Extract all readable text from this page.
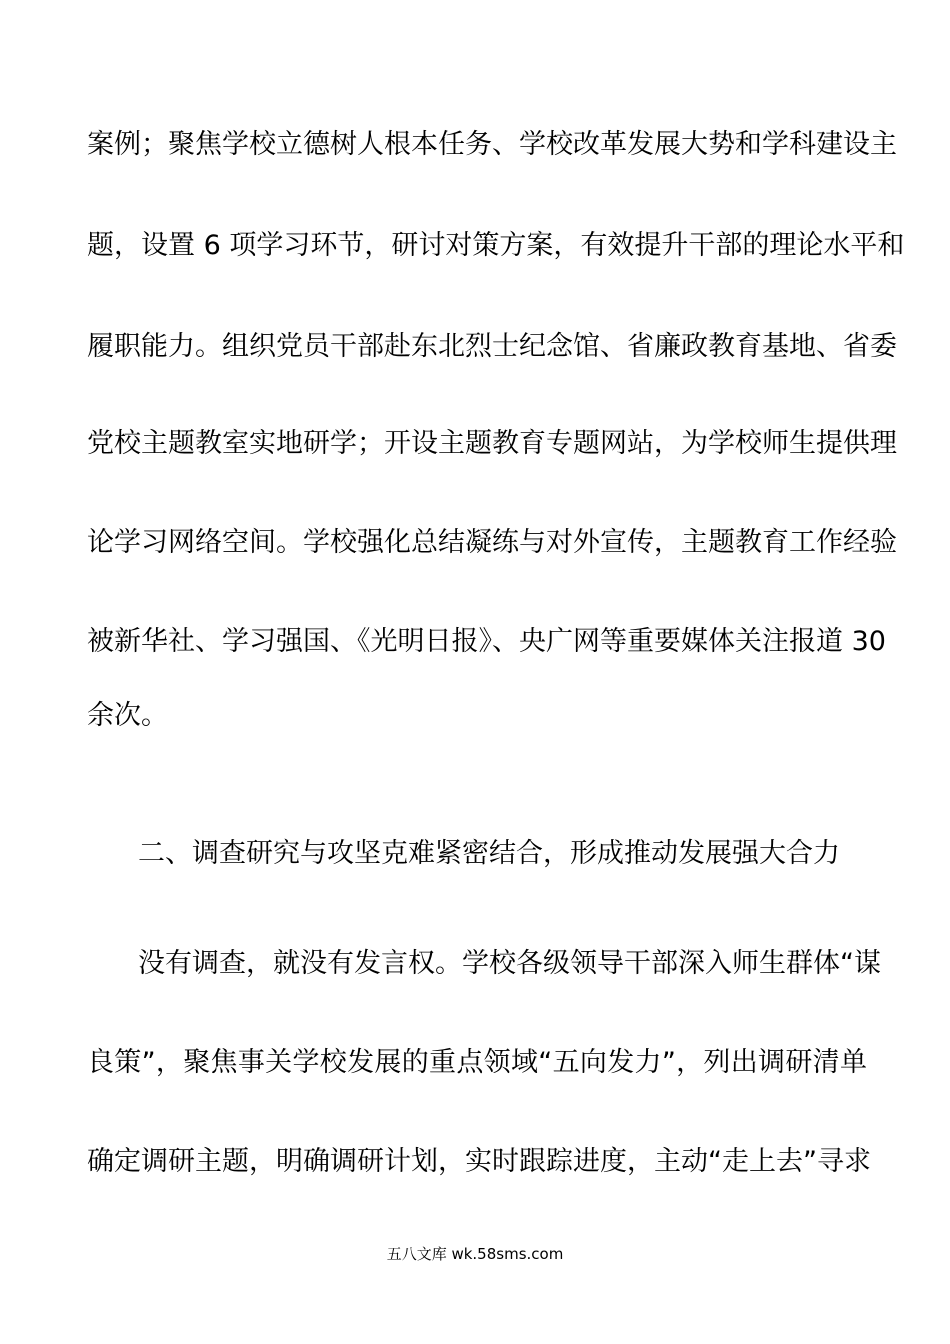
案例；聚焦学校立德树人根本任务、学校改革发展大势和学科建设主
题，设置 6 项学习环节，研讨对策方案，有效提升干部的理论水平和
履职能力。组织党员干部赴东北烈士纪念馆、省廉政教育基地、省委
党校主题教室实地研学；开设主题教育专题网站，为学校师生提供理
论学习网络空间。学校强化总结凝练与对外宣传，主题教育工作经验
被新华社、学习强国、《光明日报》、央广网等重要媒体关注报道 30
余次。
二、调查研究与攻坚克难紧密结合，形成推动发展强大合力
没有调查，就没有发言权。学校各级领导干部深入师生群体“谋
良策”，聚焦事关学校发展的重点领域“五向发力”，列出调研清单
确定调研主题，明确调研计划，实时跟踪进度，主动“走上去”寻求
五八文库 wk.58sms.com
